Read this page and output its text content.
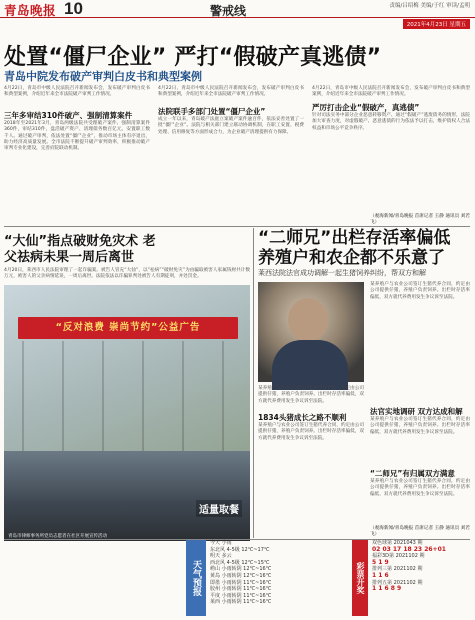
青岛晚报 10	警戒线	责编/吕绍梅 美编/于红 审读/孟明
2021年4月23日 星期五
处置“僵尸企业” 严打“假破产真逃债”
青岛中院发布破产审判白皮书和典型案例
4月22日，青岛市中级人民法院召开新闻发布会，发布破产审判白皮书和典型案例，介绍近年来全市法院破产审判工作情况。
三年多审结310件破产、强制清算案件
2018年至2021年3月，青岛两级法院共受理破产案件、强制清算案件360件，审结310件，盘活破产资产、清理债务数百亿元，安置职工数千人。通过破产审判，依法处置“僵尸企业”，推动市场主体有序退出，助力经济高质量发展。全市法院不断提升破产审判效率，积极推动破产审判专业化建设，完善府院联动机制。
4月22日，青岛市中级人民法院召开新闻发布会，发布破产审判白皮书和典型案例，介绍近年来全市法院破产审判工作情况。
法院联手多部门处置“僵尸企业”
成立一年以来，青岛破产法庭立案破产案件逾百件，依法妥善处置了一批“僵尸企业”。法院与相关部门建立联动协调机制，在职工安置、税费处理、信用修复等方面形成合力，为企业破产清理提供有力保障。
4月22日，青岛市中级人民法院召开新闻发布会，发布破产审判白皮书和典型案例，介绍近年来全市法院破产审判工作情况。
严厉打击企业“假破产，真逃债”
针对司法实务中部分企业恶意转移资产、通过“假破产”逃废债务的情形，法院加大审查力度，对虚假破产、恶意逃债的行为依法予以打击，维护债权人合法权益和市场公平竞争秩序。
（观海新闻/青岛晚报 首席记者 王静 通讯员 刘若飞）
“大仙”指点破财免灾术 老父祛病未果一周后离世
4月20日，莱西市人民法院审理了一起诈骗案。被告人冒充“大仙”，以“祛病”“破财免灾”为由骗取被害人家属钱财共计数万元，被害人的父亲病情延误，一周后离世。法院依法以诈骗罪判处被告人有期徒刑，并处罚金。
“反对浪费 崇尚节约”公益广告
适量取餐
青岛市律师事务所党员志愿者在社区开展宣传活动
“二师兄”出栏存活率偏低 养殖户和农企都不乐意了
莱西法院法官成功调解一起生猪饲养纠纷，帮双方和解
某养殖户与农业公司签订生猪代养合同，约定由公司提供仔猪，养殖户负责饲养。出栏时存活率偏低，双方就代养费用发生争议诉至法院。
某养殖户与农业公司签订生猪代养合同，约定由公司提供仔猪，养殖户负责饲养。出栏时存活率偏低，双方就代养费用发生争议诉至法院。
1834头猪成长之路不顺利
某养殖户与农业公司签订生猪代养合同，约定由公司提供仔猪，养殖户负责饲养。出栏时存活率偏低，双方就代养费用发生争议诉至法院。
法官实地调研 双方达成和解
某养殖户与农业公司签订生猪代养合同，约定由公司提供仔猪，养殖户负责饲养。出栏时存活率偏低，双方就代养费用发生争议诉至法院。
“二师兄”有归属双方满意
某养殖户与农业公司签订生猪代养合同，约定由公司提供仔猪，养殖户负责饲养。出栏时存活率偏低，双方就代养费用发生争议诉至法院。
（观海新闻/青岛晚报 首席记者 王静 通讯员 刘若飞）
天气预报
今天 小雨
东北风 4-5级 12℃~17℃
明天 多云
西北风 4-5级 12℃~15℃
崂山 小雨转阴 12℃~16℃
黄岛 小雨转阴 12℃~16℃
即墨 小雨转阴 11℃~16℃
胶州 小雨转阴 11℃~16℃
平度 小雨转阴 11℃~16℃
莱西 小雨转阴 11℃~16℃
彩票开奖
双色球第 2021043 期
02 03 17 18 23 26+01
福彩3D第 2021102 期
5 1 9
排列三第 2021102 期
1 1 6
排列五第 2021102 期
1 1 6 8 9
